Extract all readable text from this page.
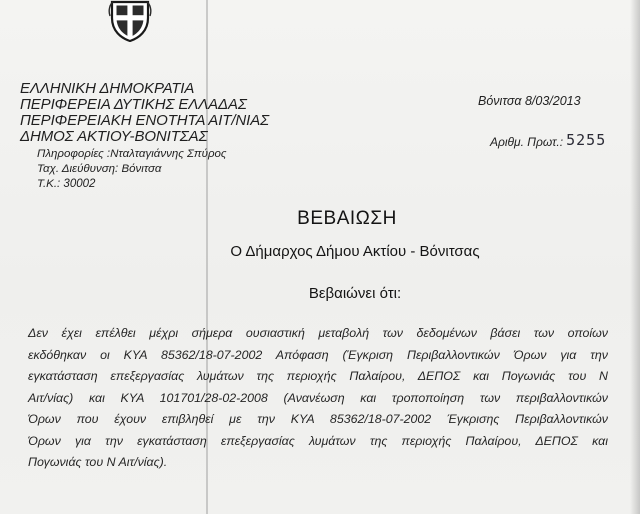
ΕΛΛΗΝΙΚΗ ΔΗΜΟΚΡΑΤΙΑ
ΠΕΡΙΦΕΡΕΙΑ ΔΥΤΙΚΗΣ ΕΛΛΑΔΑΣ
ΠΕΡΙΦΕΡΕΙΑΚΗ ΕΝΟΤΗΤΑ ΑΙΤ/ΝΙΑΣ
ΔΗΜΟΣ ΑΚΤΙΟΥ-ΒΟΝΙΤΣΑΣ
Πληροφορίες :Νταλταγιάννης Σπύρος
Ταχ. Διεύθυνση: Βόνιτσα
Τ.Κ.: 30002
Βόνιτσα 8/03/2013
Αριθμ. Πρωτ.: 5255
ΒΕΒΑΙΩΣΗ
Ο Δήμαρχος Δήμου Ακτίου - Βόνιτσας
Βεβαιώνει ότι:
Δεν έχει επέλθει μέχρι σήμερα ουσιαστική μεταβολή των δεδομένων βάσει των οποίων
εκδόθηκαν οι ΚΥΑ 85362/18-07-2002 Απόφαση (Έγκριση Περιβαλλοντικών Όρων για την
εγκατάσταση επεξεργασίας λυμάτων της περιοχής Παλαίρου, ΔΕΠΟΣ και Πογωνιάς του Ν
Αιτ/νίας) και ΚΥΑ 101701/28-02-2008 (Ανανέωση και τροποποίηση των περιβαλλοντικών
Όρων που έχουν επιβληθεί με την ΚΥΑ 85362/18-07-2002 Έγκρισης Περιβαλλοντικών
Όρων για την εγκατάσταση επεξεργασίας λυμάτων της περιοχής Παλαίρου, ΔΕΠΟΣ και
Πογωνιάς του Ν Αιτ/νίας).
